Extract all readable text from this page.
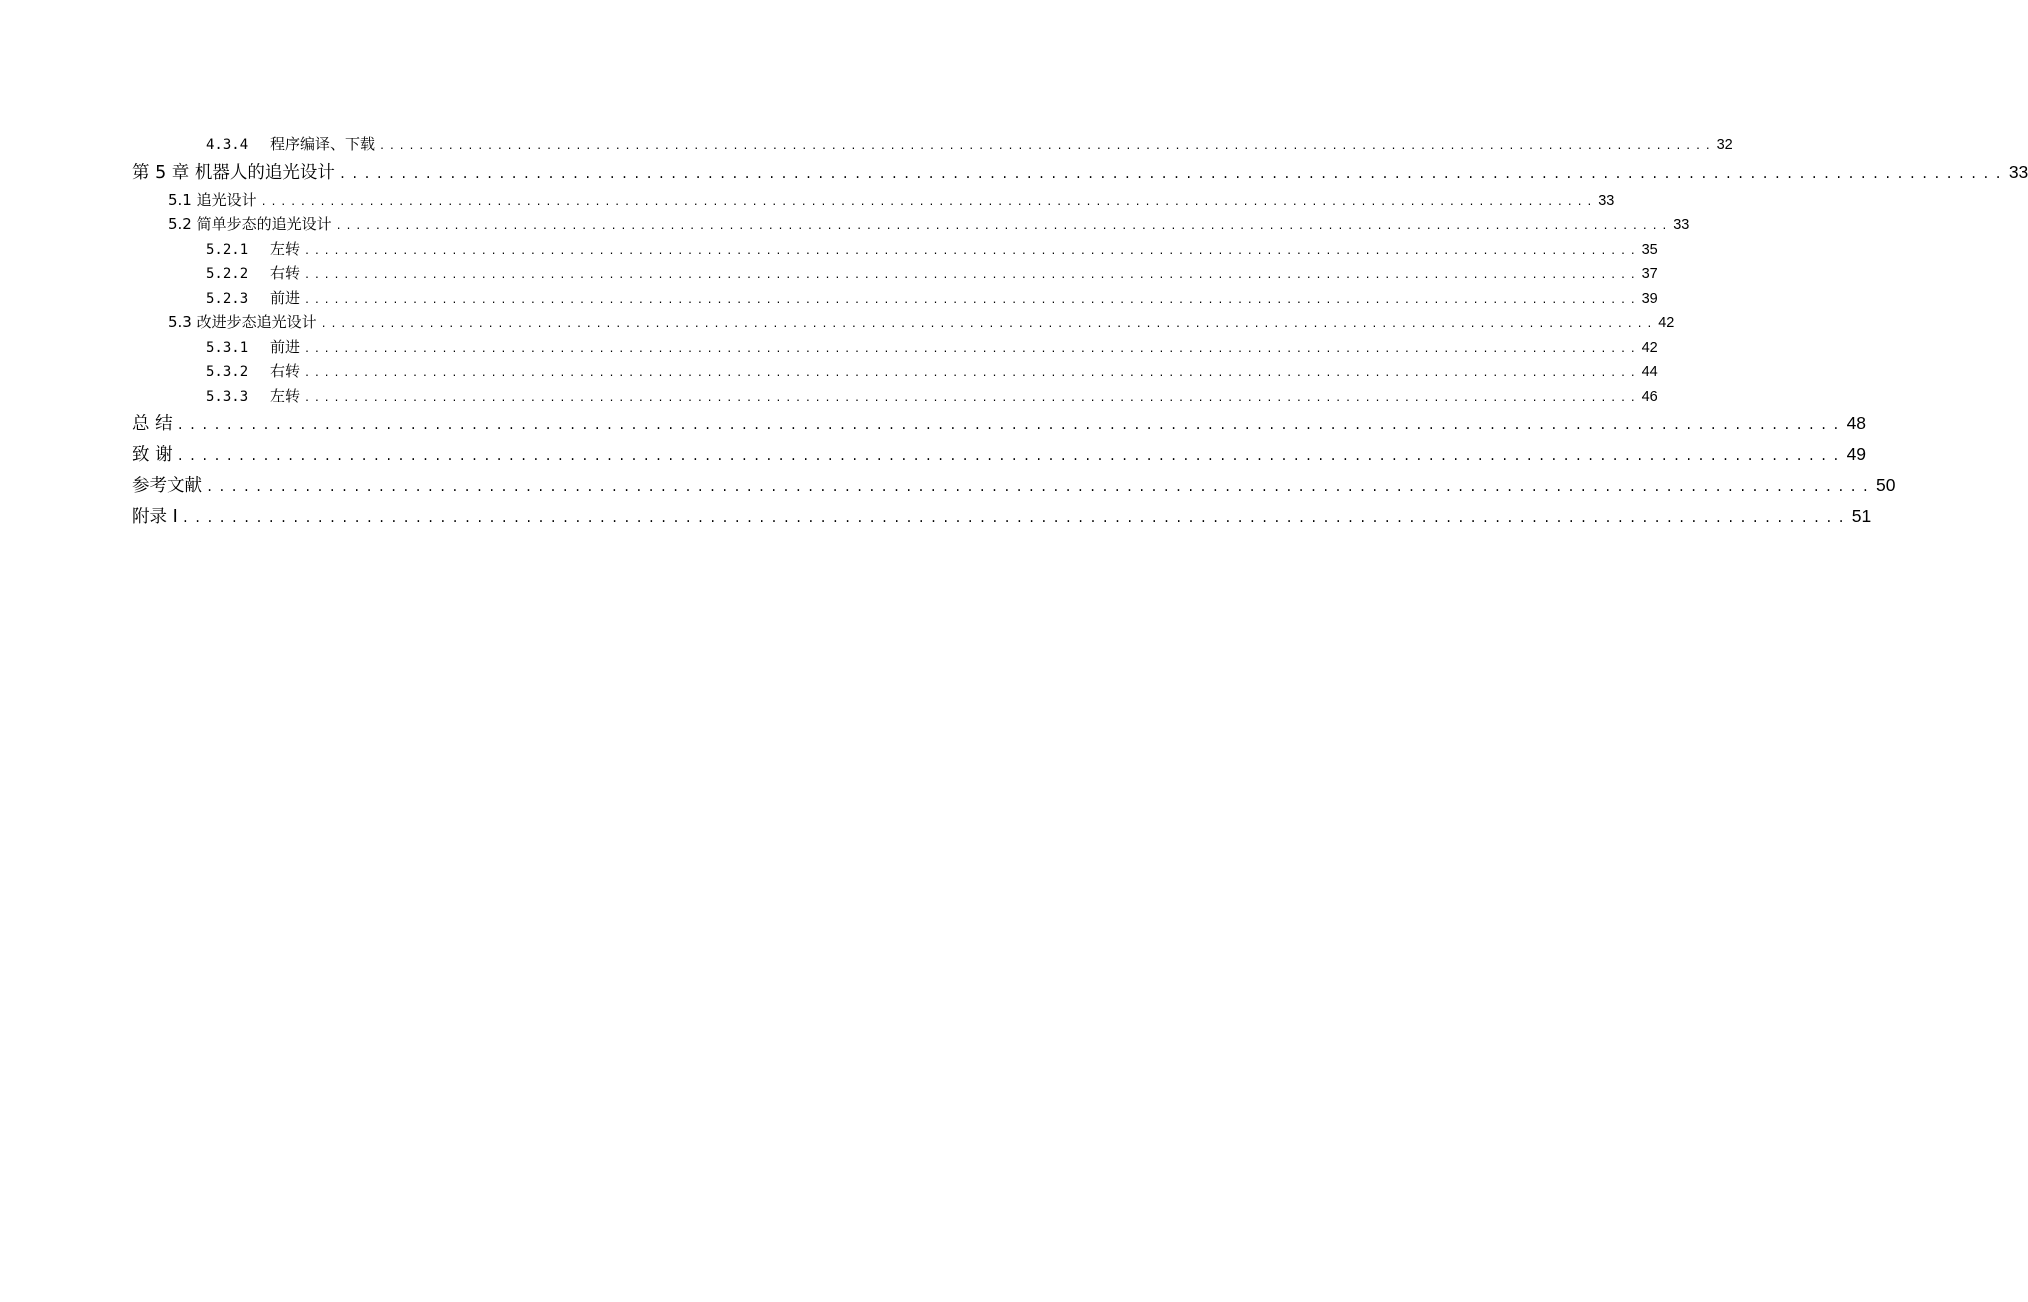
4.3.4 程序编译、下载 ........................................................................................................................................ 32
第 5 章 机器人的追光设计 ........................................................................................................................................ 33
5.1 追光设计 ........................................................................................................................................ 33
5.2 简单步态的追光设计 ........................................................................................................................................ 33
5.2.1 左转 ........................................................................................................................................ 35
5.2.2 右转 ........................................................................................................................................ 37
5.2.3 前进 ........................................................................................................................................ 39
5.3 改进步态追光设计 ........................................................................................................................................ 42
5.3.1 前进 ........................................................................................................................................ 42
5.3.2 右转 ........................................................................................................................................ 44
5.3.3 左转 ........................................................................................................................................ 46
总 结 ........................................................................................................................................ 48
致 谢 ........................................................................................................................................ 49
参考文献 ........................................................................................................................................ 50
附录 I ........................................................................................................................................ 51
